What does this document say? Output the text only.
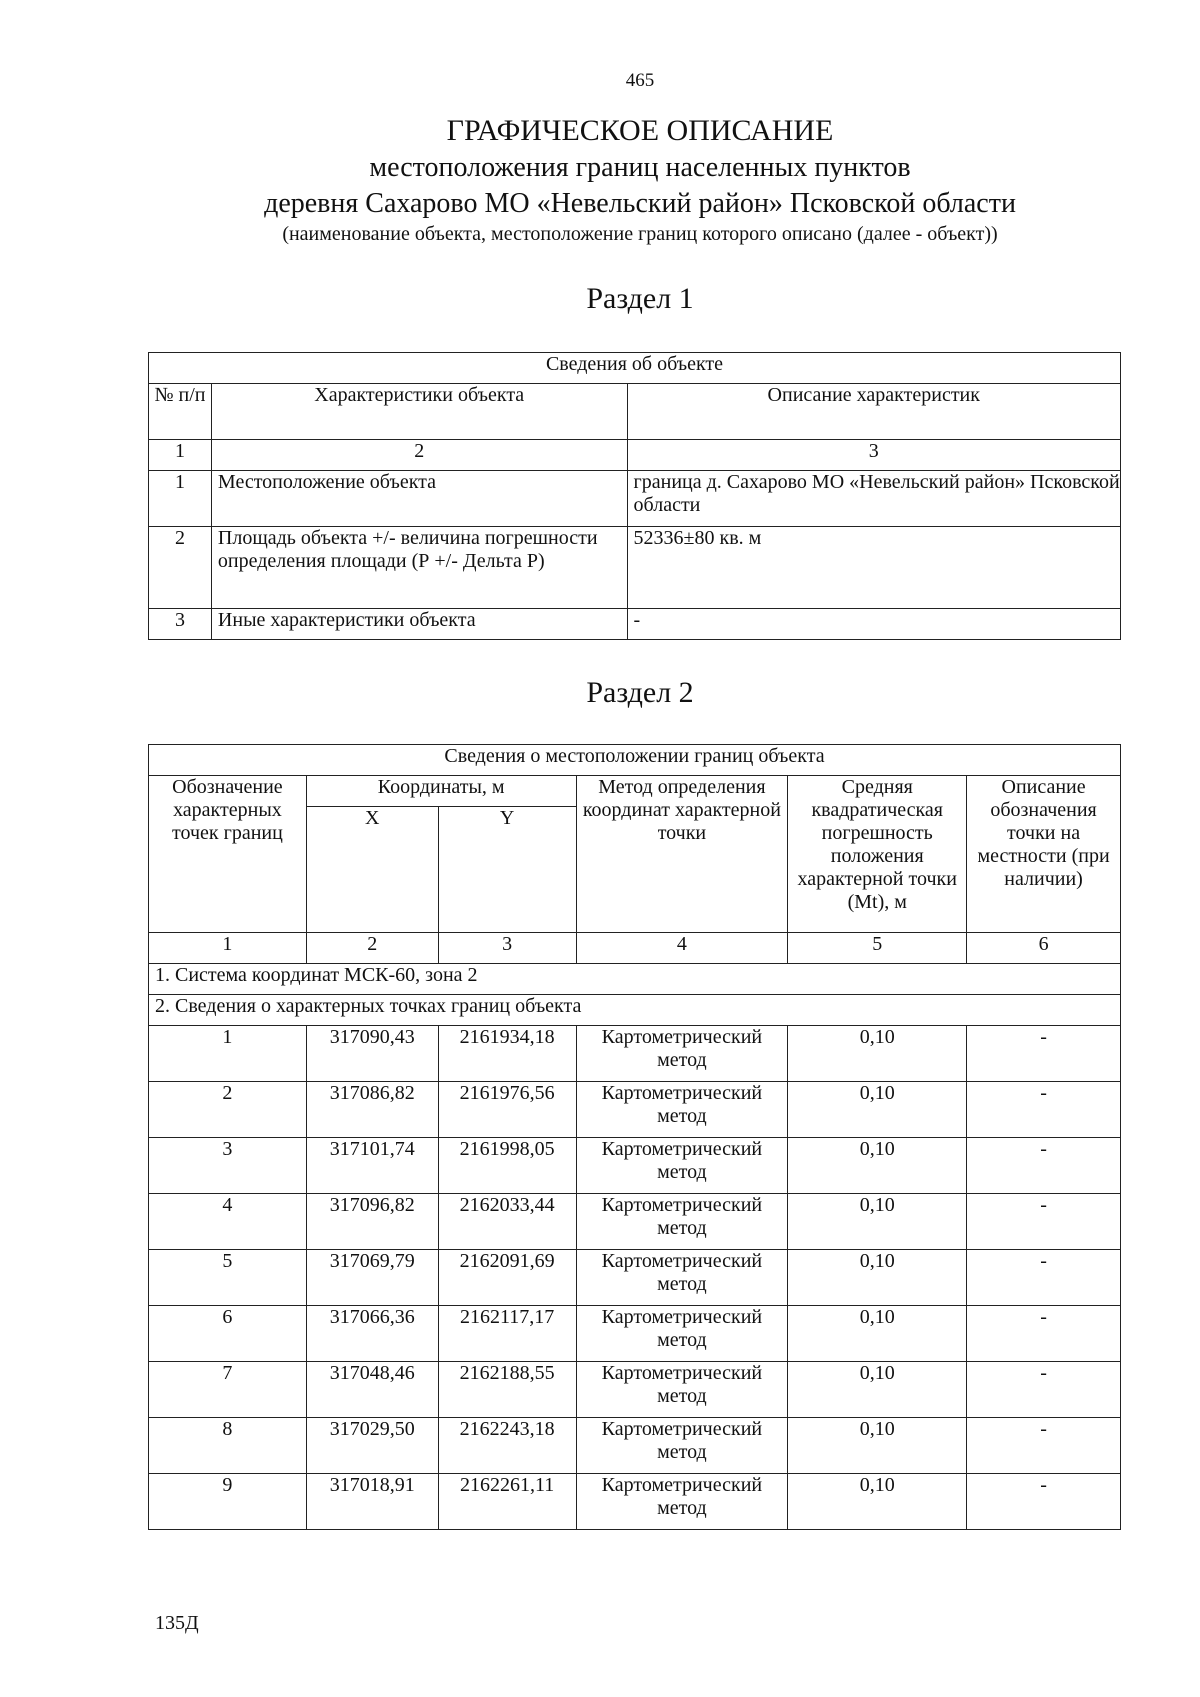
465
ГРАФИЧЕСКОЕ ОПИСАНИЕ
местоположения границ населенных пунктов
деревня Сахарово МО «Невельский район» Псковской области
(наименование объекта, местоположение границ которого описано (далее - объект))
Раздел 1
Сведения об объекте		
№ п/п	Характеристики объекта	Описание характеристик
1	2	3
1	Местоположение объекта	граница д. Сахарово МО «Невельский район» Псковской области
2	Площадь объекта +/- величина погрешности определения площади (Р +/- Дельта Р)	52336±80 кв. м
3	Иные характеристики объекта	-
Раздел 2
Сведения о местоположении границ объекта					
Обозначение характерных точек границ	Координаты, м		Метод определения координат характерной точки	Средняя квадратическая погрешность положения характерной точки (Mt), м	Описание обозначения точки на местности (при наличии)
	X	Y			
1	2	3	4	5	6
1. Система координат МСК-60, зона 2					
2. Сведения о характерных точках границ объекта					
1	317090,43	2161934,18	Картометрический метод	0,10	-
2	317086,82	2161976,56	Картометрический метод	0,10	-
3	317101,74	2161998,05	Картометрический метод	0,10	-
4	317096,82	2162033,44	Картометрический метод	0,10	-
5	317069,79	2162091,69	Картометрический метод	0,10	-
6	317066,36	2162117,17	Картометрический метод	0,10	-
7	317048,46	2162188,55	Картометрический метод	0,10	-
8	317029,50	2162243,18	Картометрический метод	0,10	-
9	317018,91	2162261,11	Картометрический метод	0,10	-
135Д
